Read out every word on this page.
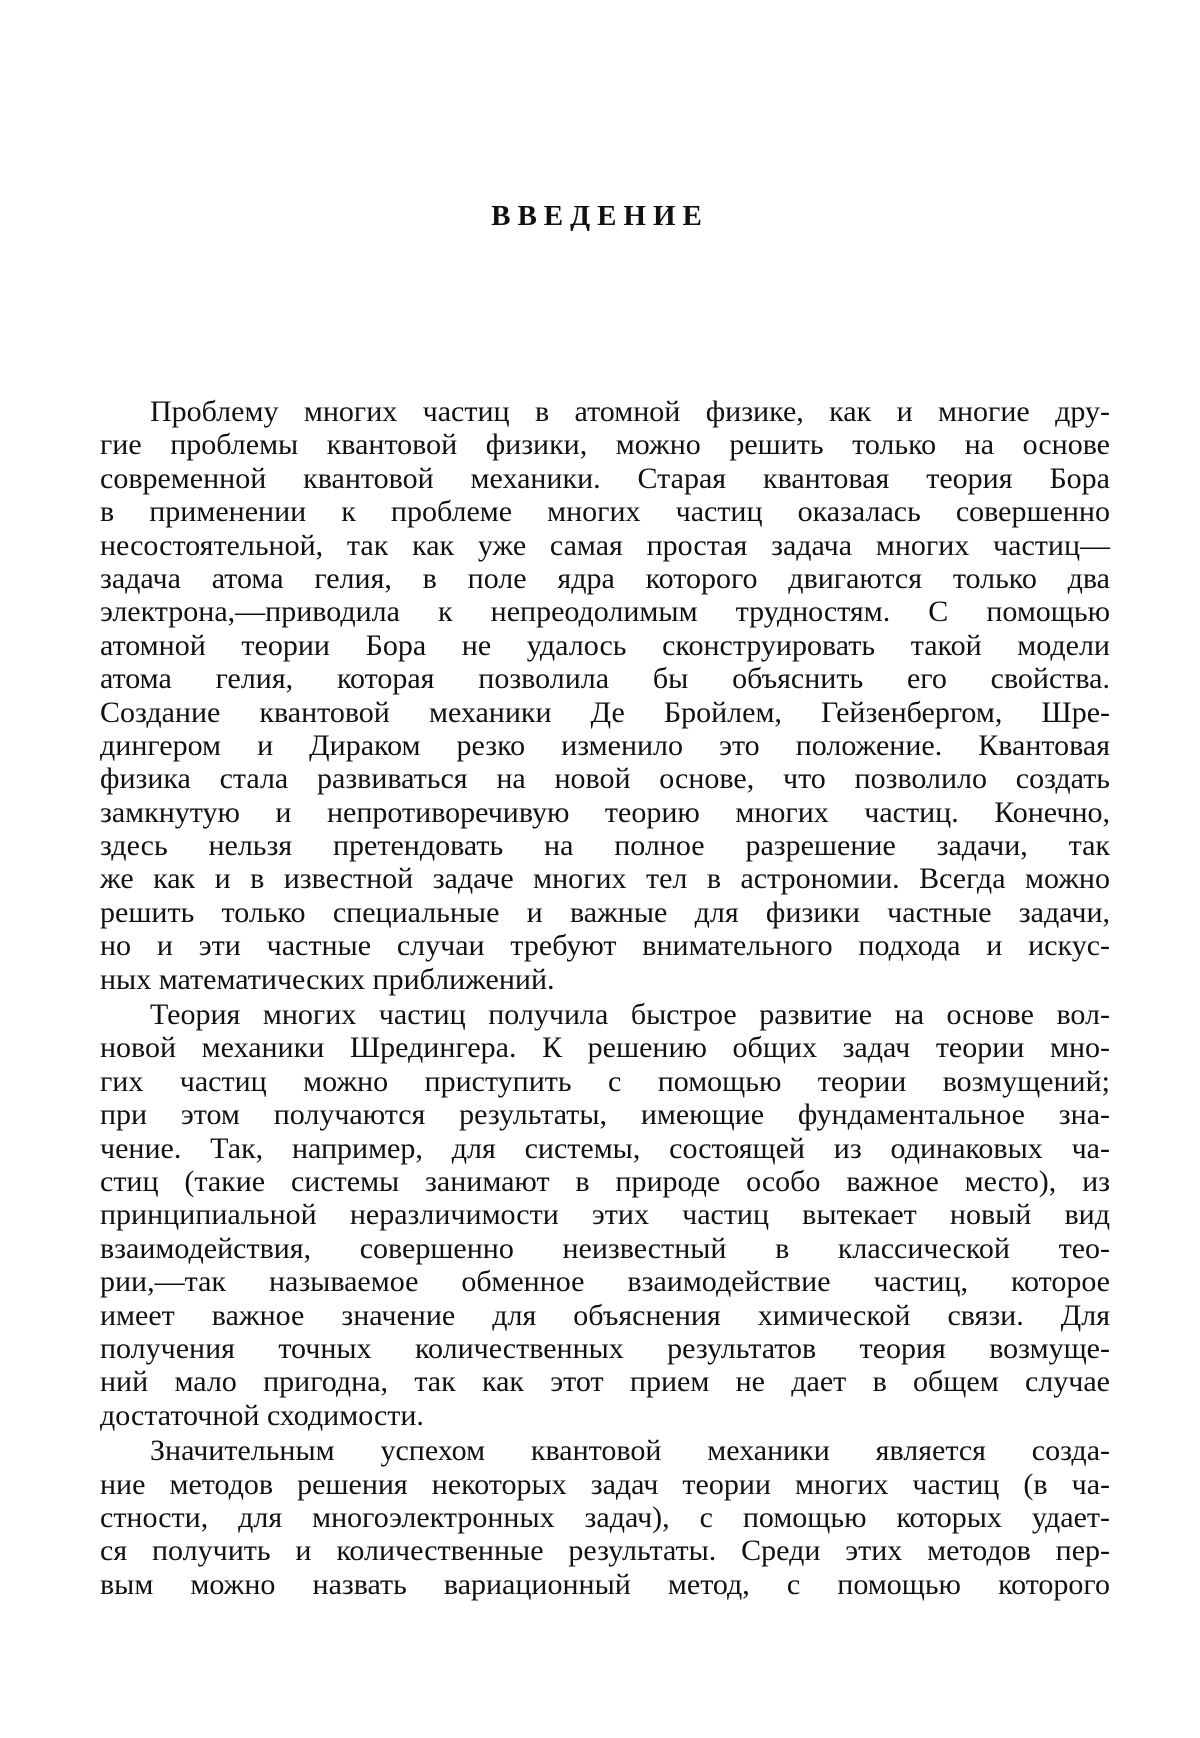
ВВЕДЕНИЕ
Проблему многих частиц в атомной физике, как и многие дру-
гие проблемы квантовой физики, можно решить только на основе
современной квантовой механики. Старая квантовая теория Бора
в применении к проблеме многих частиц оказалась совершенно
несостоятельной, так как уже самая простая задача многих частиц—
задача атома гелия, в поле ядра которого двигаются только два
электрона,—приводила к непреодолимым трудностям. С помощью
атомной теории Бора не удалось сконструировать такой модели
атома гелия, которая позволила бы объяснить его свойства.
Создание квантовой механики Де Бройлем, Гейзенбергом, Шре-
дингером и Дираком резко изменило это положение. Квантовая
физика стала развиваться на новой основе, что позволило создать
замкнутую и непротиворечивую теорию многих частиц. Конечно,
здесь нельзя претендовать на полное разрешение задачи, так
же как и в известной задаче многих тел в астрономии. Всегда можно
решить только специальные и важные для физики частные задачи,
но и эти частные случаи требуют внимательного подхода и искус-
ных математических приближений.
Теория многих частиц получила быстрое развитие на основе вол-
новой механики Шредингера. К решению общих задач теории мно-
гих частиц можно приступить с помощью теории возмущений;
при этом получаются результаты, имеющие фундаментальное зна-
чение. Так, например, для системы, состоящей из одинаковых ча-
стиц (такие системы занимают в природе особо важное место), из
принципиальной неразличимости этих частиц вытекает новый вид
взаимодействия, совершенно неизвестный в классической тео-
рии,—так называемое обменное взаимодействие частиц, которое
имеет важное значение для объяснения химической связи. Для
получения точных количественных результатов теория возмуще-
ний мало пригодна, так как этот прием не дает в общем случае
достаточной сходимости.
Значительным успехом квантовой механики является созда-
ние методов решения некоторых задач теории многих частиц (в ча-
стности, для многоэлектронных задач), с помощью которых удает-
ся получить и количественные результаты. Среди этих методов пер-
вым можно назвать вариационный метод, с помощью которого
